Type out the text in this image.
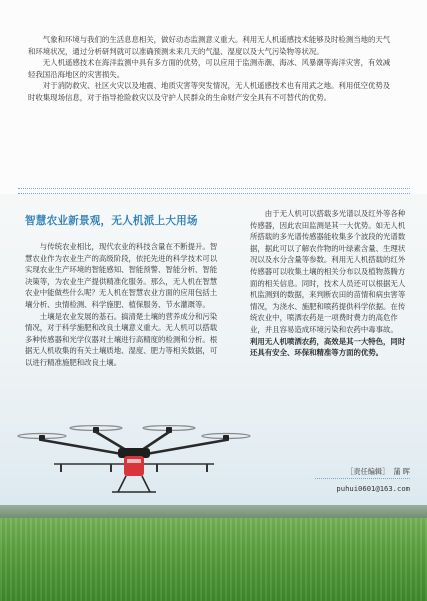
气象和环境与我们的生活息息相关，做好动态监测意义重大。利用无人机遥感技术能够及时检测当地的天气和环境状况，通过分析研判就可以准确预测未来几天的气温、湿度以及大气污染物等状况。

无人机遥感技术在海洋监测中具有多方面的优势，可以应用于监测赤潮、海冰、风暴潮等海洋灾害，有效减轻我国沿海地区的灾害损失。

对于消防救灾、社区火灾以及地震、地质灾害等突发情况，无人机遥感技术也有用武之地。利用低空优势及时收集现场信息，对于指导抢险救灾以及守护人民群众的生命财产安全具有不可替代的优势。

智慧农业新景观，无人机派上大用场

与传统农业相比，现代农业的科技含量在不断提升。智慧农业作为农业生产的高级阶段，依托先进的科学技术可以实现农业生产环境的智能感知、智能预警、智能分析、智能决策等，为农业生产提供精准化服务。那么，无人机在智慧农业中能做些什么呢？无人机在智慧农业方面的应用包括土壤分析、虫情检测、科学施肥、植保服务、节水灌溉等。

土壤是农业发展的基石。搞清楚土壤的营养成分和污染情况，对于科学施肥和改良土壤意义重大。无人机可以搭载多种传感器和光学仪器对土壤进行高精度的检测和分析。根据无人机收集的有关土壤质地、湿度、肥力等相关数据，可以进行精准施肥和改良土壤。

由于无人机可以搭载多光谱以及红外等各种传感器，因此农田监测是其一大优势。如无人机所搭载的多光谱传感器能收集多个波段的光谱数据，据此可以了解农作物的叶绿素含量、生理状况以及水分含量等参数。利用无人机搭载的红外传感器可以收集土壤的相关分布以及植物蒸腾方面的相关信息。同时，技术人员还可以根据无人机监测到的数据，来判断农田的苗情和病虫害等情况，为浇水、施肥和喷药提供科学依据。在传统农业中，喷洒农药是一项费时费力的高危作业，并且容易造成环境污染和农药中毒事故。

利用无人机喷洒农药，高效是其一大特色，同时还具有安全、环保和精准等方面的优势。

［责任编辑］ 蒲 晖
puhui0601@163.com
